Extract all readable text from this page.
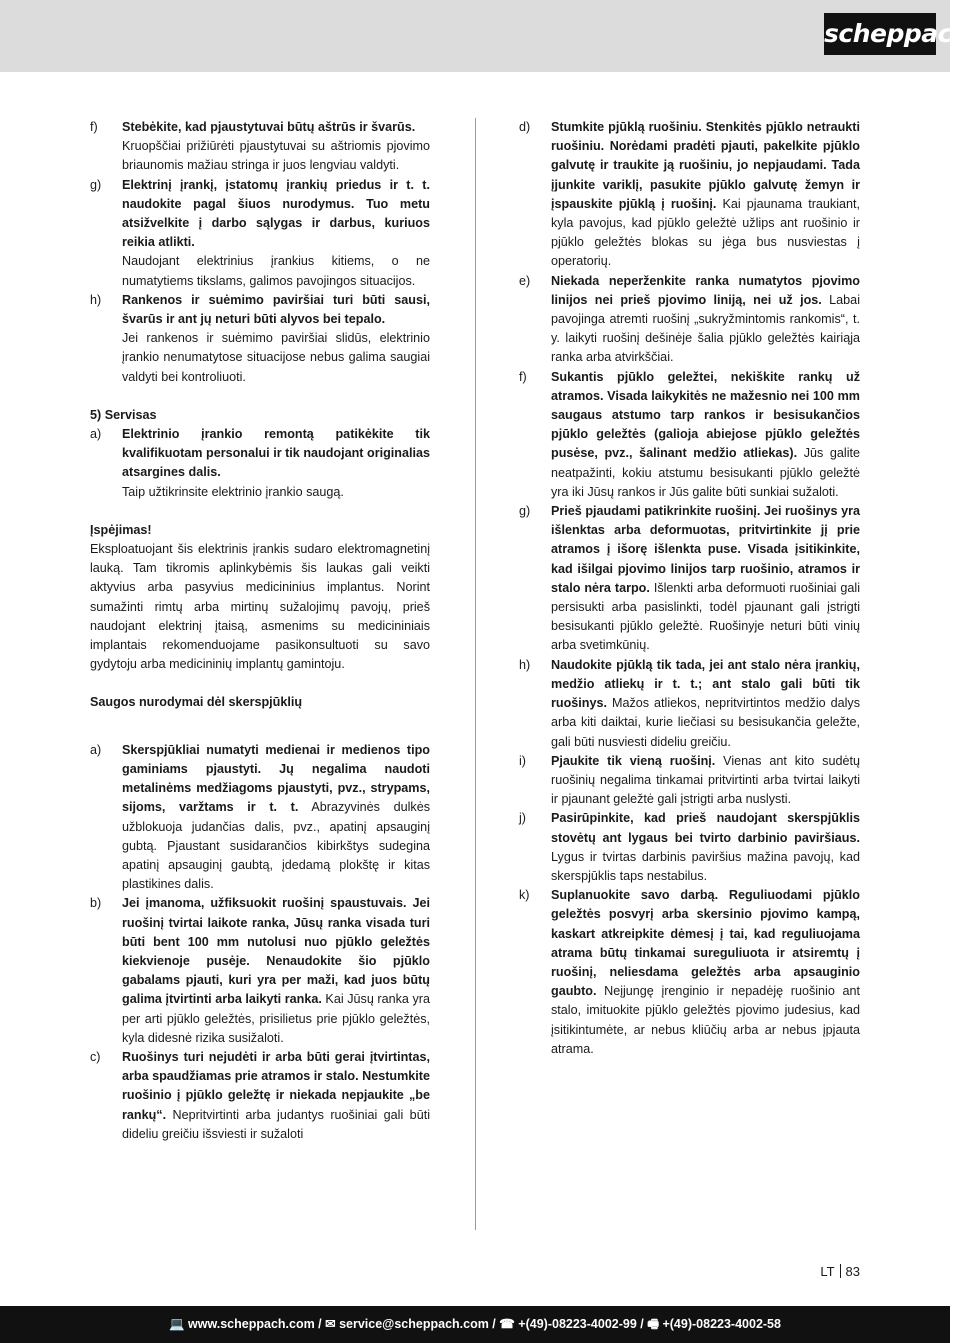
scheppach
f)	Stebėkite, kad pjaustytuvai būtų aštrūs ir švarūs.
Kruopščiai prižiūrėti pjaustytuvai su aštriomis pjovimo briaunomis mažiau stringa ir juos lengviau valdyti.
g)	Elektrinį įrankį, įstatomų įrankių priedus ir t. t. naudokite pagal šiuos nurodymus. Tuo metu atsižvelkite į darbo sąlygas ir darbus, kuriuos reikia atlikti.
Naudojant elektrinius įrankius kitiems, o ne numatytiems tikslams, galimos pavojingos situacijos.
h)	Rankenos ir suėmimo paviršiai turi būti sausi, švarūs ir ant jų neturi būti alyvos bei tepalo.
Jei rankenos ir suėmimo paviršiai slidūs, elektrinio įrankio nenumatytose situacijose nebus galima saugiai valdyti bei kontroliuoti.
5) Servisas
a)	Elektrinio įrankio remontą patikėkite tik kvalifikuotam personalui ir tik naudojant originalias atsargines dalis.
Taip užtikrinsite elektrinio įrankio saugą.
Įspėjimas!
Eksploatuojant šis elektrinis įrankis sudaro elektromagnetinį lauką. Tam tikromis aplinkybėmis šis laukas gali veikti aktyvius arba pasyvius medicininius implantus. Norint sumažinti rimtų arba mirtinų sužalojimų pavojų, prieš naudojant elektrinį įtaisą, asmenims su medicininiais implantais rekomenduojame pasikonsultuoti su savo gydytoju arba medicininių implantų gamintoju.
Saugos nurodymai dėl skerspjūklių
a)	Skerspjūkliai numatyti medienai ir medienos tipo gaminiams pjaustyti. Jų negalima naudoti metalinėms medžiagoms pjaustyti, pvz., strypams, sijoms, varžtams ir t. t. Abrazyvinės dulkės užblokuoja judančias dalis, pvz., apatinį apsauginį gubtą. Pjaustant susidarančios kibirkštys sudegina apatinį apsauginį gaubtą, įdedamą plokštę ir kitas plastikines dalis.
b)	Jei įmanoma, užfiksuokit ruošinį spaustuvais. Jei ruošinį tvirtai laikote ranka, Jūsų ranka visada turi būti bent 100 mm nutolusi nuo pjūklo geležtės kiekvienoje pusėje. Nenaudokite šio pjūklo gabalams pjauti, kuri yra per maži, kad juos būtų galima įtvirtinti arba laikyti ranka. Kai Jūsų ranka yra per arti pjūklo geležtės, prisilietus prie pjūklo geležtės, kyla didesnė rizika susižaloti.
c)	Ruošinys turi nejudėti ir arba būti gerai įtvirtintas, arba spaudžiamas prie atramos ir stalo. Nestumkite ruošinio į pjūklo geležtę ir niekada nepjaukite „be rankų“. Nepritvirtinti arba judantys ruošiniai gali būti dideliu greičiu išsviesti ir sužaloti
d)	Stumkite pjūklą ruošiniu. Stenkitės pjūklo netraukti ruošiniu. Norėdami pradėti pjauti, pakelkite pjūklo galvutę ir traukite ją ruošiniu, jo nepjaudami. Tada įjunkite variklį, pasukite pjūklo galvutę žemyn ir įspauskite pjūklą į ruošinį. Kai pjaunama traukiant, kyla pavojus, kad pjūklo geležtė užlips ant ruošinio ir pjūklo geležtės blokas su jėga bus nusviestas į operatorių.
e)	Niekada neperženkite ranka numatytos pjovimo linijos nei prieš pjovimo liniją, nei už jos. Labai pavojinga atremti ruošinį „sukryžmintomis rankomis“, t. y. laikyti ruošinį dešinėje šalia pjūklo geležtės kairiąja ranka arba atvirkščiai.
f)	Sukantis pjūklo geležtei, nekiškite rankų už atramos. Visada laikykitės ne mažesnio nei 100 mm saugaus atstumo tarp rankos ir besisukančios pjūklo geležtės (galioja abiejose pjūklo geležtės pusėse, pvz., šalinant medžio atliekas). Jūs galite neatpažinti, kokiu atstumu besisukanti pjūklo geležtė yra iki Jūsų rankos ir Jūs galite būti sunkiai sužaloti.
g)	Prieš pjaudami patikrinkite ruošinį. Jei ruošinys yra išlenktas arba deformuotas, pritvirtinkite jį prie atramos į išorę išlenkta puse. Visada įsitikinkite, kad išilgai pjovimo linijos tarp ruošinio, atramos ir stalo nėra tarpo. Išlenkti arba deformuoti ruošiniai gali persisukti arba pasislinkti, todėl pjaunant gali įstrigti besisukanti pjūklo geležtė. Ruošinyje neturi būti vinių arba svetimkūnių.
h)	Naudokite pjūklą tik tada, jei ant stalo nėra įrankių, medžio atliekų ir t. t.; ant stalo gali būti tik ruošinys. Mažos atliekos, nepritvirtintos medžio dalys arba kiti daiktai, kurie liečiasi su besisukančia geležte, gali būti nusviesti dideliu greičiu.
i)	Pjaukite tik vieną ruošinį. Vienas ant kito sudėtų ruošinių negalima tinkamai pritvirtinti arba tvirtai laikyti ir pjaunant geležtė gali įstrigti arba nuslysti.
j)	Pasirūpinkite, kad prieš naudojant skerspjūklis stovėtų ant lygaus bei tvirto darbinio paviršiaus. Lygus ir tvirtas darbinis paviršius mažina pavojų, kad skerspjūklis taps nestabilus.
k)	Suplanuokite savo darbą. Reguliuodami pjūklo geležtės posvyrį arba skersinio pjovimo kampą, kaskart atkreipkite dėmesį į tai, kad reguliuojama atrama būtų tinkamai sureguliuota ir atsiremtų į ruošinį, neliesdama geležtės arba apsauginio gaubto. Neįjungę įrenginio ir nepadėję ruošinio ant stalo, imituokite pjūklo geležtės pjovimo judesius, kad įsitikintumėte, ar nebus kliūčių arba ar nebus įpjauta atrama.
LT 83
💻 www.scheppach.com / ✉ service@scheppach.com / ☎ +(49)-08223-4002-99 / 🖷 +(49)-08223-4002-58
